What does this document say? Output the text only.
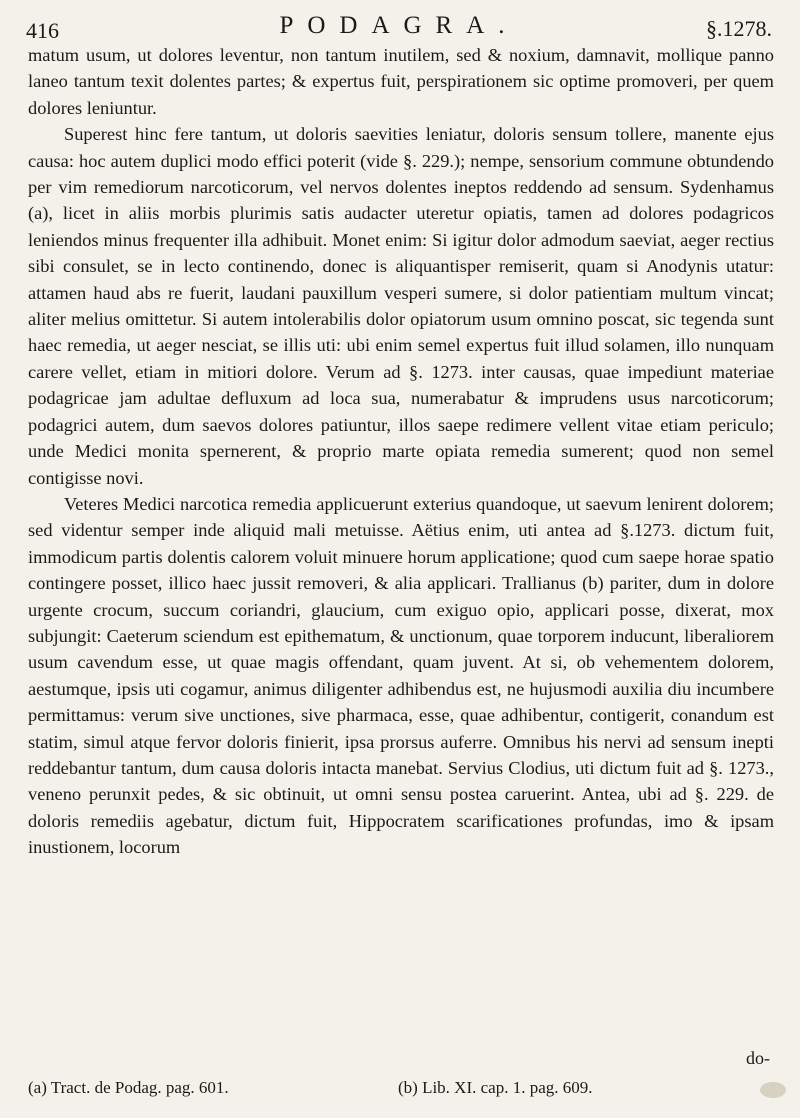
416	PODAGRA.	§.1278.

matum usum, ut dolores leventur, non tantum inutilem, sed & noxium, damnavit, mollique panno laneo tantum texit dolentes partes; & expertus fuit, perspirationem sic optime promoveri, per quem dolores leniuntur.

Superest hinc fere tantum, ut doloris saevities leniatur, doloris sensum tollere, manente ejus causa: hoc autem duplici modo effici poterit (vide §. 229.); nempe, sensorium commune obtundendo per vim remediorum narcoticorum, vel nervos dolentes ineptos reddendo ad sensum. Sydenhamus (a), licet in aliis morbis plurimis satis audacter uteretur opiatis, tamen ad dolores podagricos leniendos minus frequenter illa adhibuit. Monet enim: Si igitur dolor admodum saeviat, aeger rectius sibi consulet, se in lecto continendo, donec is aliquantisper remiserit, quam si Anodynis utatur: attamen haud abs re fuerit, laudani pauxillum vesperi sumere, si dolor patientiam multum vincat; aliter melius omittetur. Si autem intolerabilis dolor opiatorum usum omnino poscat, sic tegenda sunt haec remedia, ut aeger nesciat, se illis uti: ubi enim semel expertus fuit illud solamen, illo nunquam carere vellet, etiam in mitiori dolore. Verum ad §. 1273. inter causas, quae impediunt materiae podagricae jam adultae defluxum ad loca sua, numerabatur & imprudens usus narcoticorum; podagrici autem, dum saevos dolores patiuntur, illos saepe redimere vellent vitae etiam periculo; unde Medici monita spernerent, & proprio marte opiata remedia sumerent; quod non semel contigisse novi.

Veteres Medici narcotica remedia applicuerunt exterius quandoque, ut saevum lenirent dolorem; sed videntur semper inde aliquid mali metuisse. Aëtius enim, uti antea ad §.1273. dictum fuit, immodicum partis dolentis calorem voluit minuere horum applicatione; quod cum saepe horae spatio contingere posset, illico haec jussit removeri, & alia applicari. Trallianus (b) pariter, dum in dolore urgente crocum, succum coriandri, glaucium, cum exiguo opio, applicari posse, dixerat, mox subjungit: Caeterum sciendum est epithematum, & unctionum, quae torporem inducunt, liberaliorem usum cavendum esse, ut quae magis offendant, quam juvent. At si, ob vehementem dolorem, aestumque, ipsis uti cogamur, animus diligenter adhibendus est, ne hujusmodi auxilia diu incumbere permittamus: verum sive unctiones, sive pharmaca, esse, quae adhibentur, contigerit, conandum est statim, simul atque fervor doloris finierit, ipsa prorsus auferre. Omnibus his nervi ad sensum inepti reddebantur tantum, dum causa doloris intacta manebat. Servius Clodius, uti dictum fuit ad §. 1273., veneno perunxit pedes, & sic obtinuit, ut omni sensu postea caruerint. Antea, ubi ad §. 229. de doloris remediis agebatur, dictum fuit, Hippocratem scarificationes profundas, imo & ipsam inustionem, locorum

do-
(a) Tract. de Podag. pag. 601.	(b) Lib. XI. cap. 1. pag. 609.
